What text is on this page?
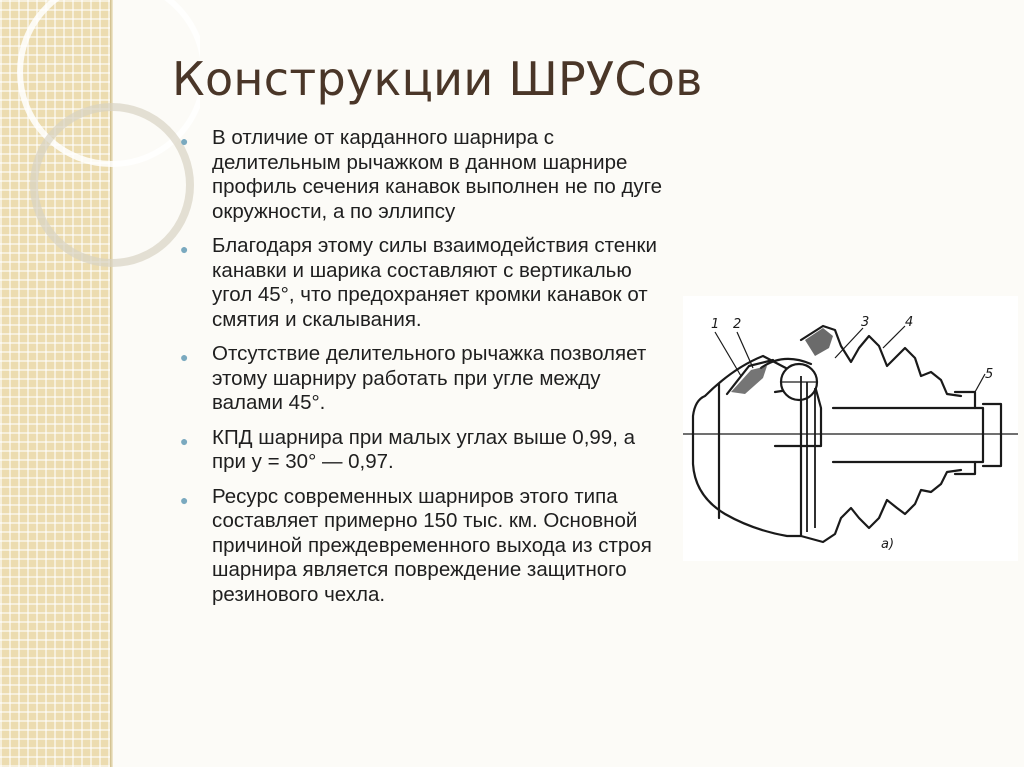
Конструкции ШРУСов
● В отличие от карданного шарнира с делительным рычажком в данном шарнире профиль сечения канавок выполнен не по дуге окружности, а по эллипсу
● Благодаря этому силы взаимодействия стенки канавки и шарика составляют с вертикалью угол 45°, что предохраняет кромки канавок от смятия и скалывания.
● Отсутствие делительного рычажка позволяет этому шарниру работать при угле между валами 45°.
● КПД шарнира при малых углах выше 0,99, а при у = 30° — 0,97.
● Ресурс современных шарниров этого типа составляет примерно 150 тыс. км. Основной причиной преждевременного выхода из строя шарнира является повреждение защитного резинового чехла.
1 2	3	4
5
а)
